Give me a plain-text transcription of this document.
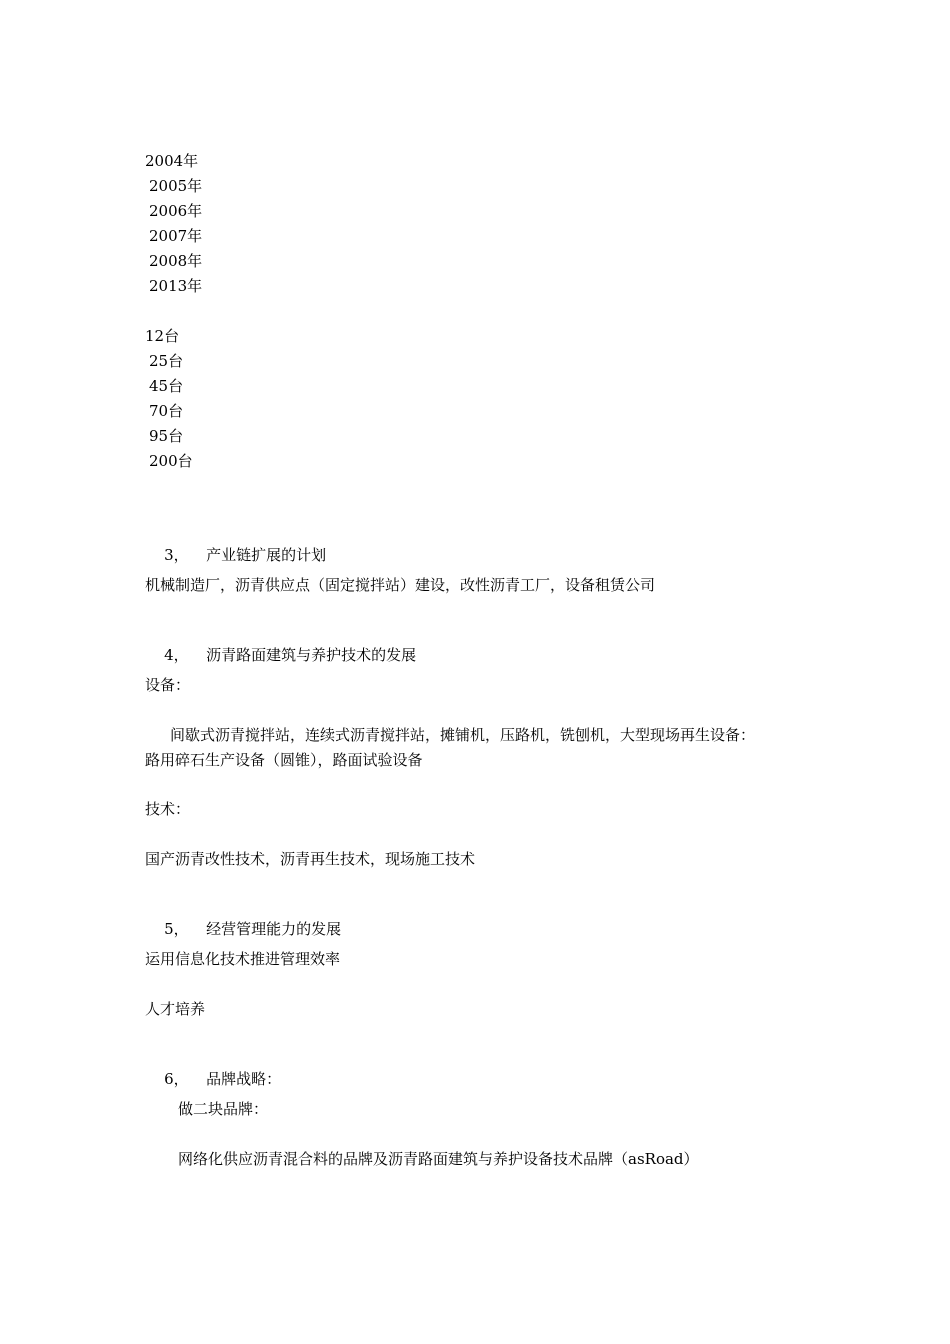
2004年
2005年
2006年
2007年
2008年
2013年
12台
25台
45台
70台
95台
200台

3， 产业链扩展的计划

机械制造厂，沥青供应点（固定搅拌站）建设，改性沥青工厂，设备租赁公司

4， 沥青路面建筑与养护技术的发展

设备：
间歇式沥青搅拌站，连续式沥青搅拌站，摊铺机，压路机，铣刨机，大型现场再生设备：
路用碎石生产设备（圆锥），路面试验设备
技术：
国产沥青改性技术，沥青再生技术，现场施工技术

5， 经营管理能力的发展

运用信息化技术推进管理效率
人才培养

6， 品牌战略：

做二块品牌：
网络化供应沥青混合料的品牌及沥青路面建筑与养护设备技术品牌（asRoad）
